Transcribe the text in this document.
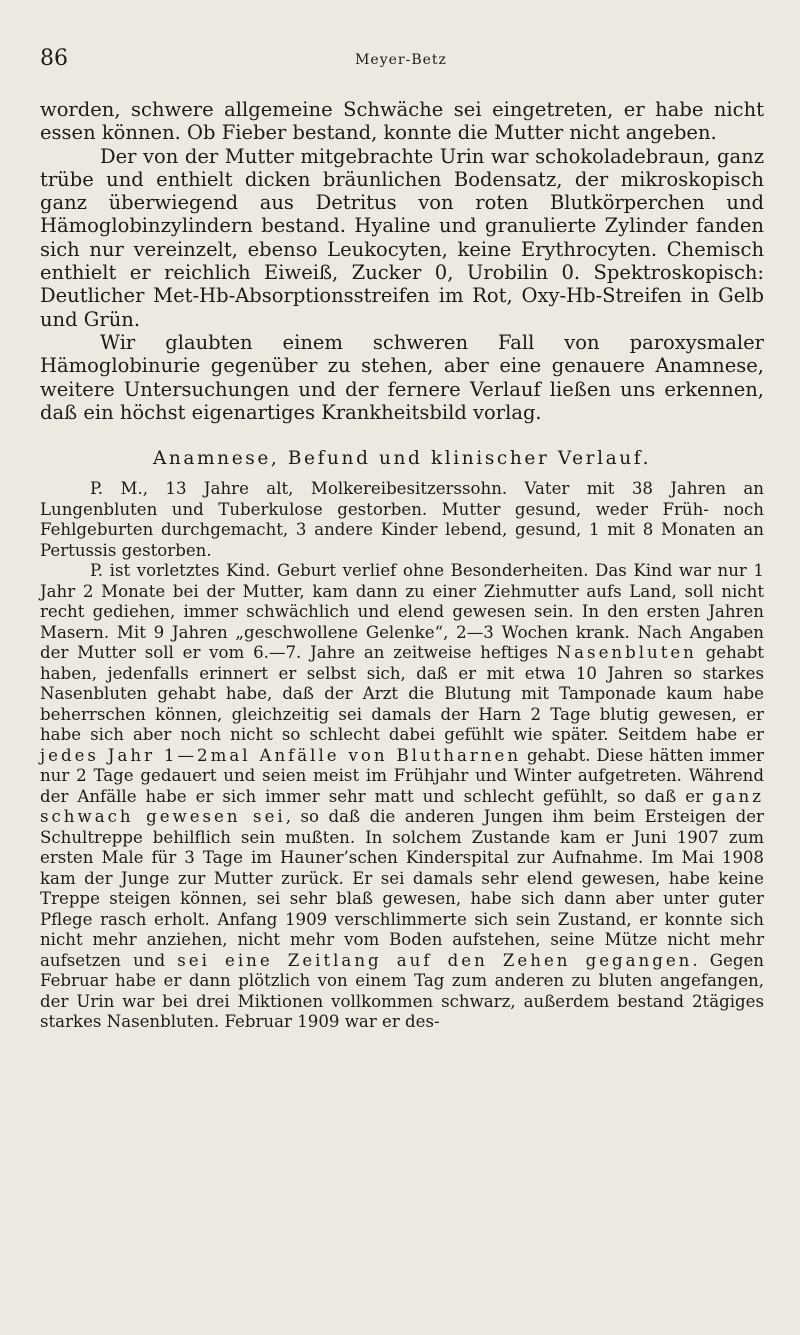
86	Meyer-Betz

worden, schwere allgemeine Schwäche sei eingetreten, er habe nicht essen können. Ob Fieber bestand, konnte die Mutter nicht angeben.

Der von der Mutter mitgebrachte Urin war schokoladebraun, ganz trübe und enthielt dicken bräunlichen Bodensatz, der mikroskopisch ganz überwiegend aus Detritus von roten Blutkörperchen und Hämoglobinzylindern bestand. Hyaline und granulierte Zylinder fanden sich nur vereinzelt, ebenso Leukocyten, keine Erythrocyten. Chemisch enthielt er reichlich Eiweiß, Zucker 0, Urobilin 0. Spektroskopisch: Deutlicher Met-Hb-Absorptionsstreifen im Rot, Oxy-Hb-Streifen in Gelb und Grün.

Wir glaubten einem schweren Fall von paroxysmaler Hämoglobinurie gegenüber zu stehen, aber eine genauere Anamnese, weitere Untersuchungen und der fernere Verlauf ließen uns erkennen, daß ein höchst eigenartiges Krankheitsbild vorlag.

Anamnese, Befund und klinischer Verlauf.

P. M., 13 Jahre alt, Molkereibesitzerssohn. Vater mit 38 Jahren an Lungenbluten und Tuberkulose gestorben. Mutter gesund, weder Früh- noch Fehlgeburten durchgemacht, 3 andere Kinder lebend, gesund, 1 mit 8 Monaten an Pertussis gestorben.

P. ist vorletztes Kind. Geburt verlief ohne Besonderheiten. Das Kind war nur 1 Jahr 2 Monate bei der Mutter, kam dann zu einer Ziehmutter aufs Land, soll nicht recht gediehen, immer schwächlich und elend gewesen sein. In den ersten Jahren Masern. Mit 9 Jahren „geschwollene Gelenke“, 2—3 Wochen krank. Nach Angaben der Mutter soll er vom 6.—7. Jahre an zeitweise heftiges Nasenbluten gehabt haben, jedenfalls erinnert er selbst sich, daß er mit etwa 10 Jahren so starkes Nasenbluten gehabt habe, daß der Arzt die Blutung mit Tamponade kaum habe beherrschen können, gleichzeitig sei damals der Harn 2 Tage blutig gewesen, er habe sich aber noch nicht so schlecht dabei gefühlt wie später. Seitdem habe er jedes Jahr 1—2mal Anfälle von Blutharnen gehabt. Diese hätten immer nur 2 Tage gedauert und seien meist im Frühjahr und Winter aufgetreten. Während der Anfälle habe er sich immer sehr matt und schlecht gefühlt, so daß er ganz schwach gewesen sei, so daß die anderen Jungen ihm beim Ersteigen der Schultreppe behilflich sein mußten. In solchem Zustande kam er Juni 1907 zum ersten Male für 3 Tage im Hauner’schen Kinderspital zur Aufnahme. Im Mai 1908 kam der Junge zur Mutter zurück. Er sei damals sehr elend gewesen, habe keine Treppe steigen können, sei sehr blaß gewesen, habe sich dann aber unter guter Pflege rasch erholt. Anfang 1909 verschlimmerte sich sein Zustand, er konnte sich nicht mehr anziehen, nicht mehr vom Boden aufstehen, seine Mütze nicht mehr aufsetzen und sei eine Zeitlang auf den Zehen gegangen. Gegen Februar habe er dann plötzlich von einem Tag zum anderen zu bluten angefangen, der Urin war bei drei Miktionen vollkommen schwarz, außerdem bestand 2tägiges starkes Nasenbluten. Februar 1909 war er des-
